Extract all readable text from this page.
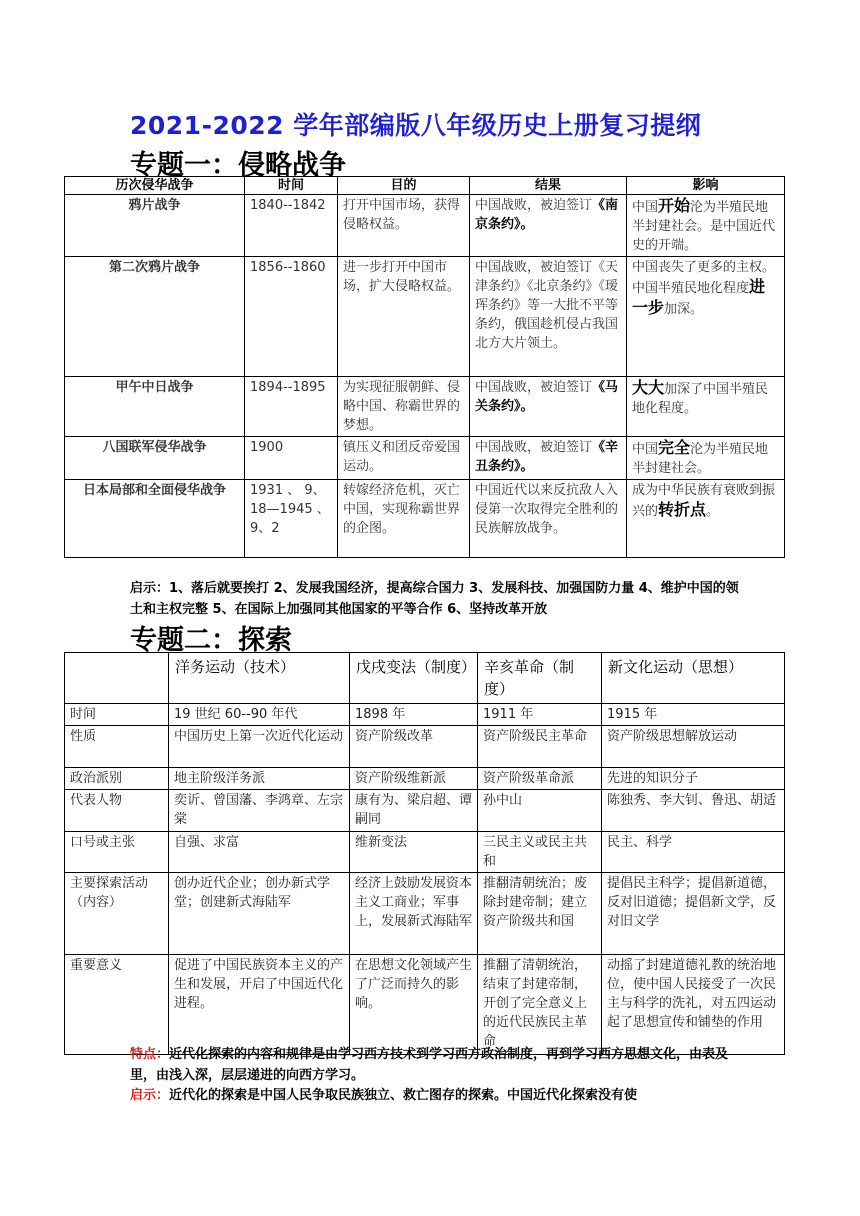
2021-2022 学年部编版八年级历史上册复习提纲
专题一：侵略战争
历次侵华战争	时间	目的	结果	影响
鸦片战争	1840--1842	打开中国市场，获得侵略权益。	中国战败，被迫签订《南京条约》。	中国开始沦为半殖民地半封建社会。是中国近代史的开端。
第二次鸦片战争	1856--1860	进一步打开中国市场，扩大侵略权益。	中国战败，被迫签订《天津条约》《北京条约》《瑷珲条约》等一大批不平等条约，俄国趁机侵占我国北方大片领土。	中国丧失了更多的主权。中国半殖民地化程度进一步加深。
甲午中日战争	1894--1895	为实现征服朝鲜、侵略中国、称霸世界的梦想。	中国战败，被迫签订《马关条约》。	大大加深了中国半殖民地化程度。
八国联军侵华战争	1900	镇压义和团反帝爱国运动。	中国战败，被迫签订《辛丑条约》。	中国完全沦为半殖民地半封建社会。
日本局部和全面侵华战争	1931 、 9、18—1945 、9、2	转嫁经济危机，灭亡中国，实现称霸世界的企图。	中国近代以来反抗敌人入侵第一次取得完全胜利的民族解放战争。	成为中华民族有衰败到振兴的转折点。
启示：1、落后就要挨打 2、发展我国经济，提高综合国力 3、发展科技、加强国防力量 4、维护中国的领土和主权完整 5、在国际上加强同其他国家的平等合作 6、坚持改革开放
专题二：探索
	洋务运动（技术）	戊戌变法（制度）	辛亥革命（制度）	新文化运动（思想）
时间	19 世纪 60--90 年代	1898 年	1911 年	1915 年
性质	中国历史上第一次近代化运动	资产阶级改革	资产阶级民主革命	资产阶级思想解放运动
政治派别	地主阶级洋务派	资产阶级维新派	资产阶级革命派	先进的知识分子
代表人物	奕䜣、曾国藩、李鸿章、左宗棠	康有为、梁启超、谭嗣同	孙中山	陈独秀、李大钊、鲁迅、胡适
口号或主张	自强、求富	维新变法	三民主义或民主共和	民主、科学
主要探索活动（内容）	创办近代企业；创办新式学堂；创建新式海陆军	经济上鼓励发展资本主义工商业；军事上，发展新式海陆军	推翻清朝统治；废除封建帝制；建立资产阶级共和国	提倡民主科学；提倡新道德，反对旧道德；提倡新文学，反对旧文学
重要意义	促进了中国民族资本主义的产生和发展，开启了中国近代化进程。	在思想文化领域产生了广泛而持久的影响。	推翻了清朝统治，结束了封建帝制，开创了完全意义上的近代民族民主革命	动摇了封建道德礼教的统治地位，使中国人民接受了一次民主与科学的洗礼，对五四运动起了思想宣传和铺垫的作用
特点：近代化探索的内容和规律是由学习西方技术到学习西方政治制度，再到学习西方思想文化，由表及里，由浅入深，层层递进的向西方学习。
启示：近代化的探索是中国人民争取民族独立、救亡图存的探索。中国近代化探索没有使
